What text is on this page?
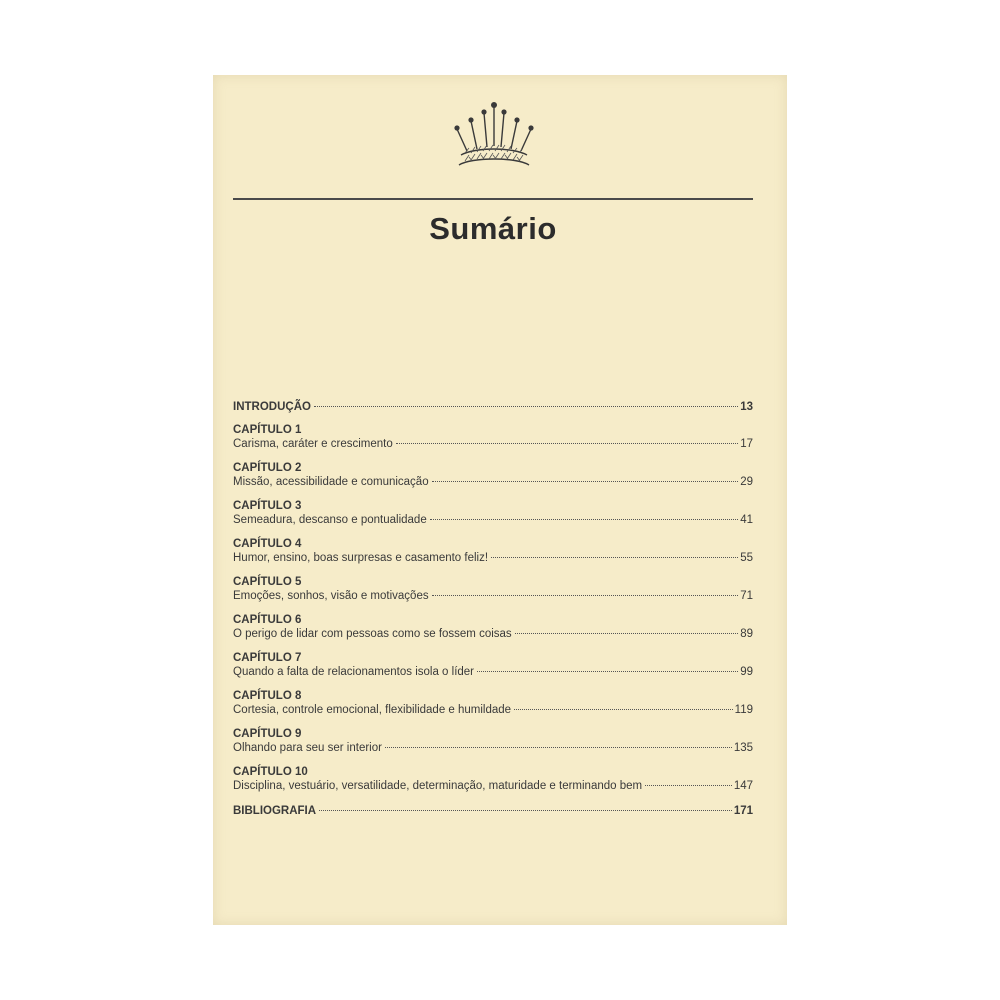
Sumário
INTRODUÇÃO	13
CAPÍTULO 1
Carisma, caráter e crescimento	17
CAPÍTULO 2
Missão, acessibilidade e comunicação	29
CAPÍTULO 3
Semeadura, descanso e pontualidade	41
CAPÍTULO 4
Humor, ensino, boas surpresas e casamento feliz!	55
CAPÍTULO 5
Emoções, sonhos, visão e motivações	71
CAPÍTULO 6
O perigo de lidar com pessoas como se fossem coisas	89
CAPÍTULO 7
Quando a falta de relacionamentos isola o líder	99
CAPÍTULO 8
Cortesia, controle emocional, flexibilidade e humildade	119
CAPÍTULO 9
Olhando para seu ser interior	135
CAPÍTULO 10
Disciplina, vestuário, versatilidade, determinação, maturidade e terminando bem	147
BIBLIOGRAFIA	171
